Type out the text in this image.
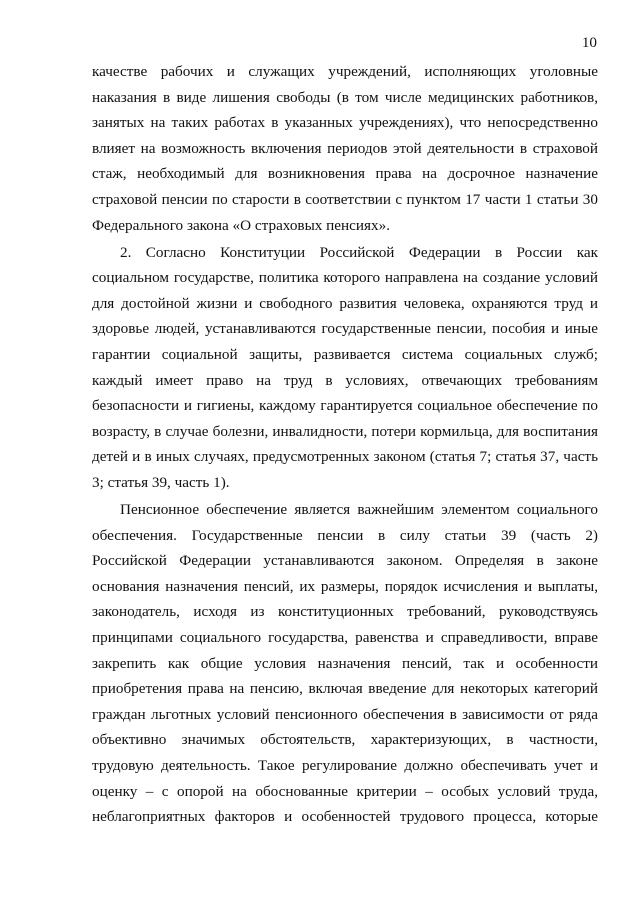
10
качестве рабочих и служащих учреждений, исполняющих уголовные
наказания в виде лишения свободы (в том числе медицинских работников,
занятых на таких работах в указанных учреждениях), что непосредственно
влияет на возможность включения периодов этой деятельности в страховой
стаж, необходимый для возникновения права на досрочное назначение
страховой пенсии по старости в соответствии с пунктом 17 части 1 статьи 30
Федерального закона «О страховых пенсиях».
2. Согласно Конституции Российской Федерации в России как
социальном государстве, политика которого направлена на создание условий
для достойной жизни и свободного развития человека, охраняются труд и
здоровье людей, устанавливаются государственные пенсии, пособия и иные
гарантии социальной защиты, развивается система социальных служб;
каждый имеет право на труд в условиях, отвечающих требованиям
безопасности и гигиены, каждому гарантируется социальное обеспечение по
возрасту, в случае болезни, инвалидности, потери кормильца, для воспитания
детей и в иных случаях, предусмотренных законом (статья 7; статья 37, часть
3; статья 39, часть 1).
Пенсионное обеспечение является важнейшим элементом социального
обеспечения. Государственные пенсии в силу статьи 39 (часть 2)
Российской Федерации устанавливаются законом. Определяя в законе
основания назначения пенсий, их размеры, порядок исчисления и выплаты,
законодатель, исходя из конституционных требований, руководствуясь
принципами социального государства, равенства и справедливости, вправе
закрепить как общие условия назначения пенсий, так и особенности
приобретения права на пенсию, включая введение для некоторых категорий
граждан льготных условий пенсионного обеспечения в зависимости от ряда
объективно значимых обстоятельств, характеризующих, в частности,
трудовую деятельность. Такое регулирование должно обеспечивать учет и
оценку – с опорой на обоснованные критерии – особых условий труда,
неблагоприятных факторов и особенностей трудового процесса, которые
